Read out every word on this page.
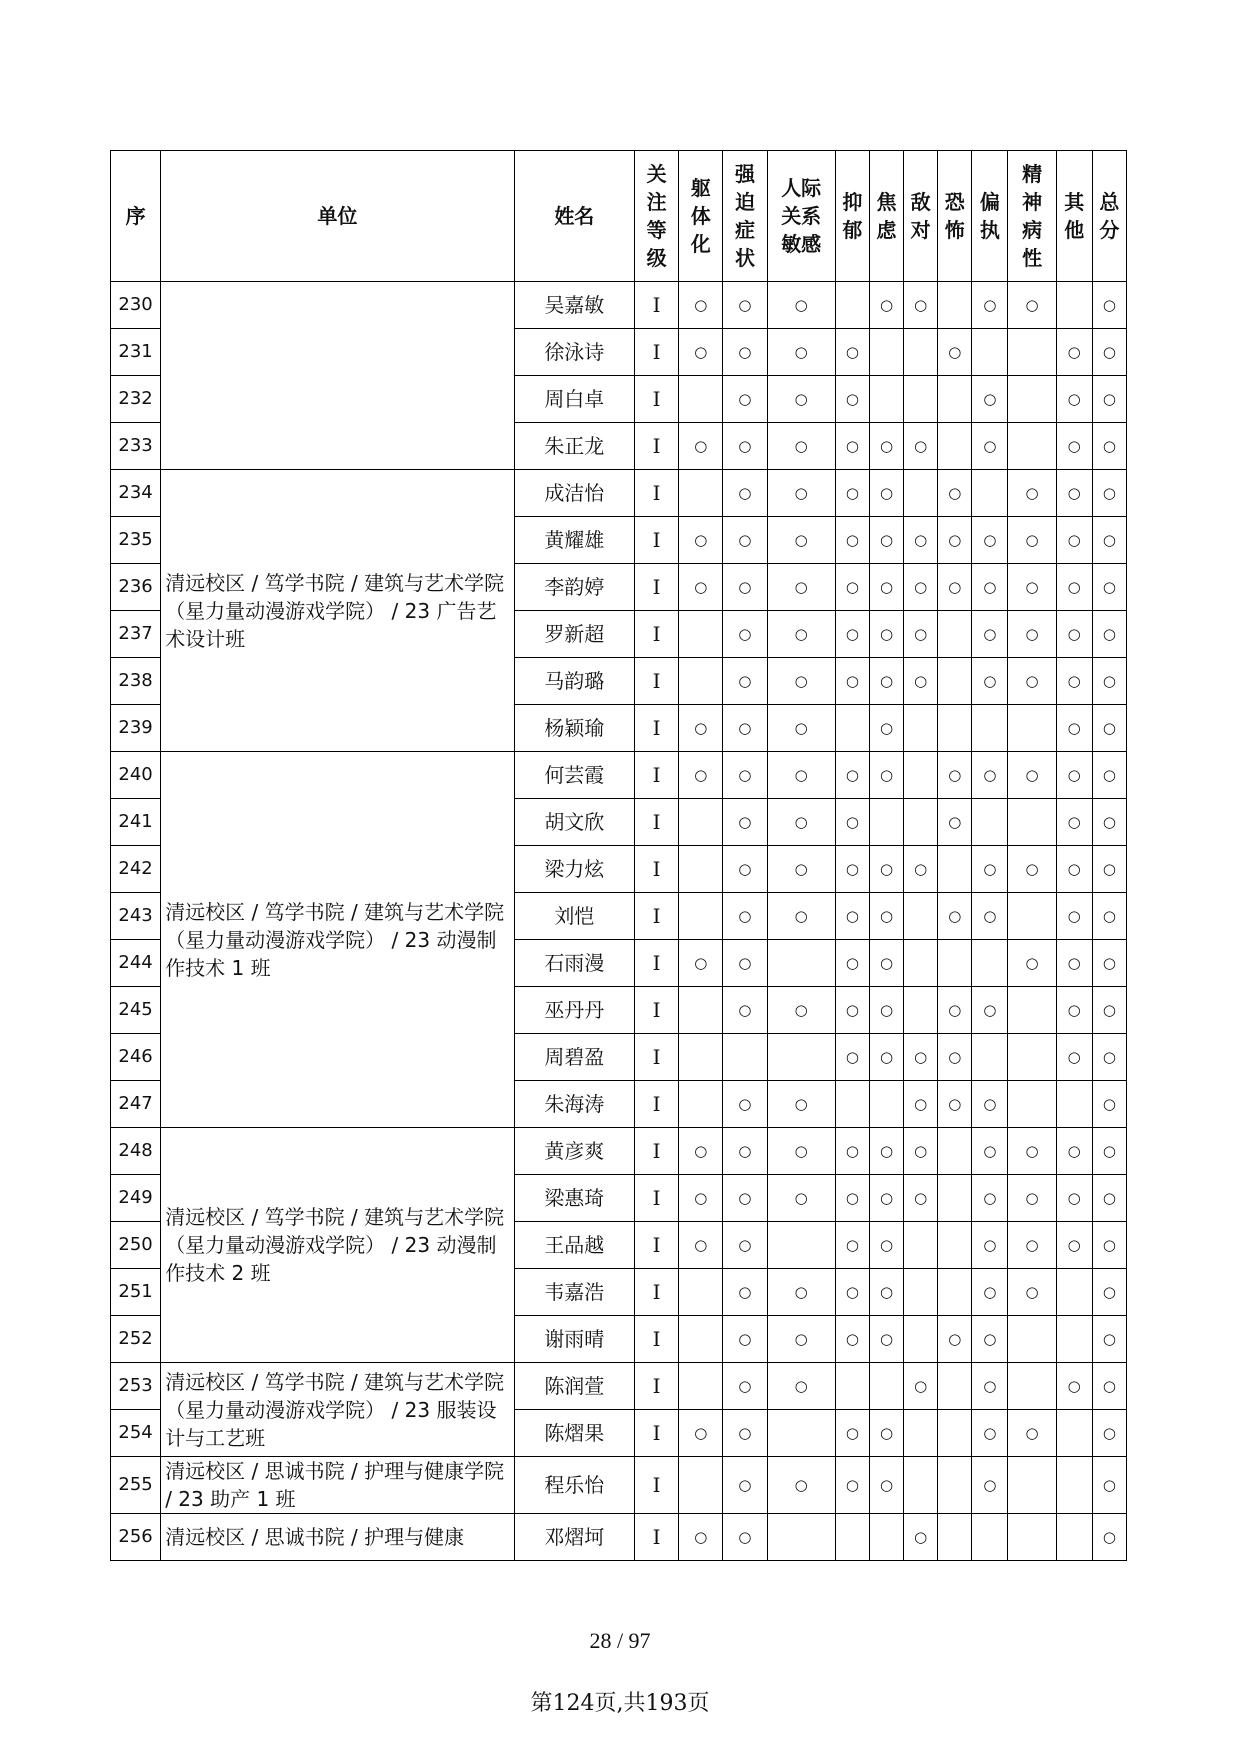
序	单位	姓名	关
注
等
级	躯
体
化	强
迫
症
状	人际
关系
敏感	抑
郁	焦
虑	敌
对	恐
怖	偏
执	精
神
病
性	其
他	总
分
230		吴嘉敏	I	○	○	○		○	○		○	○		○
231		徐泳诗	I	○	○	○	○			○			○	○
232		周白卓	I		○	○	○				○		○	○
233		朱正龙	I	○	○	○	○	○	○		○		○	○
234	清远校区 / 笃学书院 / 建筑与艺术学院（星力量动漫游戏学院） / 23 广告艺术设计班	成洁怡	I		○	○	○	○		○		○	○	○
235		黄耀雄	I	○	○	○	○	○	○	○	○	○	○	○
236		李韵婷	I	○	○	○	○	○	○	○	○	○	○	○
237		罗新超	I		○	○	○	○	○		○	○	○	○
238		马韵璐	I		○	○	○	○	○		○	○	○	○
239		杨颖瑜	I	○	○	○		○					○	○
240	清远校区 / 笃学书院 / 建筑与艺术学院（星力量动漫游戏学院） / 23 动漫制作技术 1 班	何芸霞	I	○	○	○	○	○		○	○	○	○	○
241		胡文欣	I		○	○	○			○			○	○
242		梁力炫	I		○	○	○	○	○		○	○	○	○
243		刘恺	I		○	○	○	○		○	○		○	○
244		石雨漫	I	○	○		○	○				○	○	○
245		巫丹丹	I		○	○	○	○		○	○		○	○
246		周碧盈	I				○	○	○	○			○	○
247		朱海涛	I		○	○			○	○	○			○
248	清远校区 / 笃学书院 / 建筑与艺术学院（星力量动漫游戏学院） / 23 动漫制作技术 2 班	黄彦爽	I	○	○	○	○	○	○		○	○	○	○
249		梁惠琦	I	○	○	○	○	○	○		○	○	○	○
250		王品越	I	○	○		○	○			○	○	○	○
251		韦嘉浩	I		○	○	○	○			○	○		○
252		谢雨晴	I		○	○	○	○		○	○			○
253	清远校区 / 笃学书院 / 建筑与艺术学院（星力量动漫游戏学院） / 23 服装设计与工艺班	陈润萱	I		○	○			○		○		○	○
254		陈熠果	I	○	○		○	○			○	○		○
255	清远校区 / 思诚书院 / 护理与健康学院 / 23 助产 1 班	程乐怡	I		○	○	○	○			○			○
256	清远校区 / 思诚书院 / 护理与健康	邓熠坷	I	○	○				○					○
28 / 97
第124页,共193页
